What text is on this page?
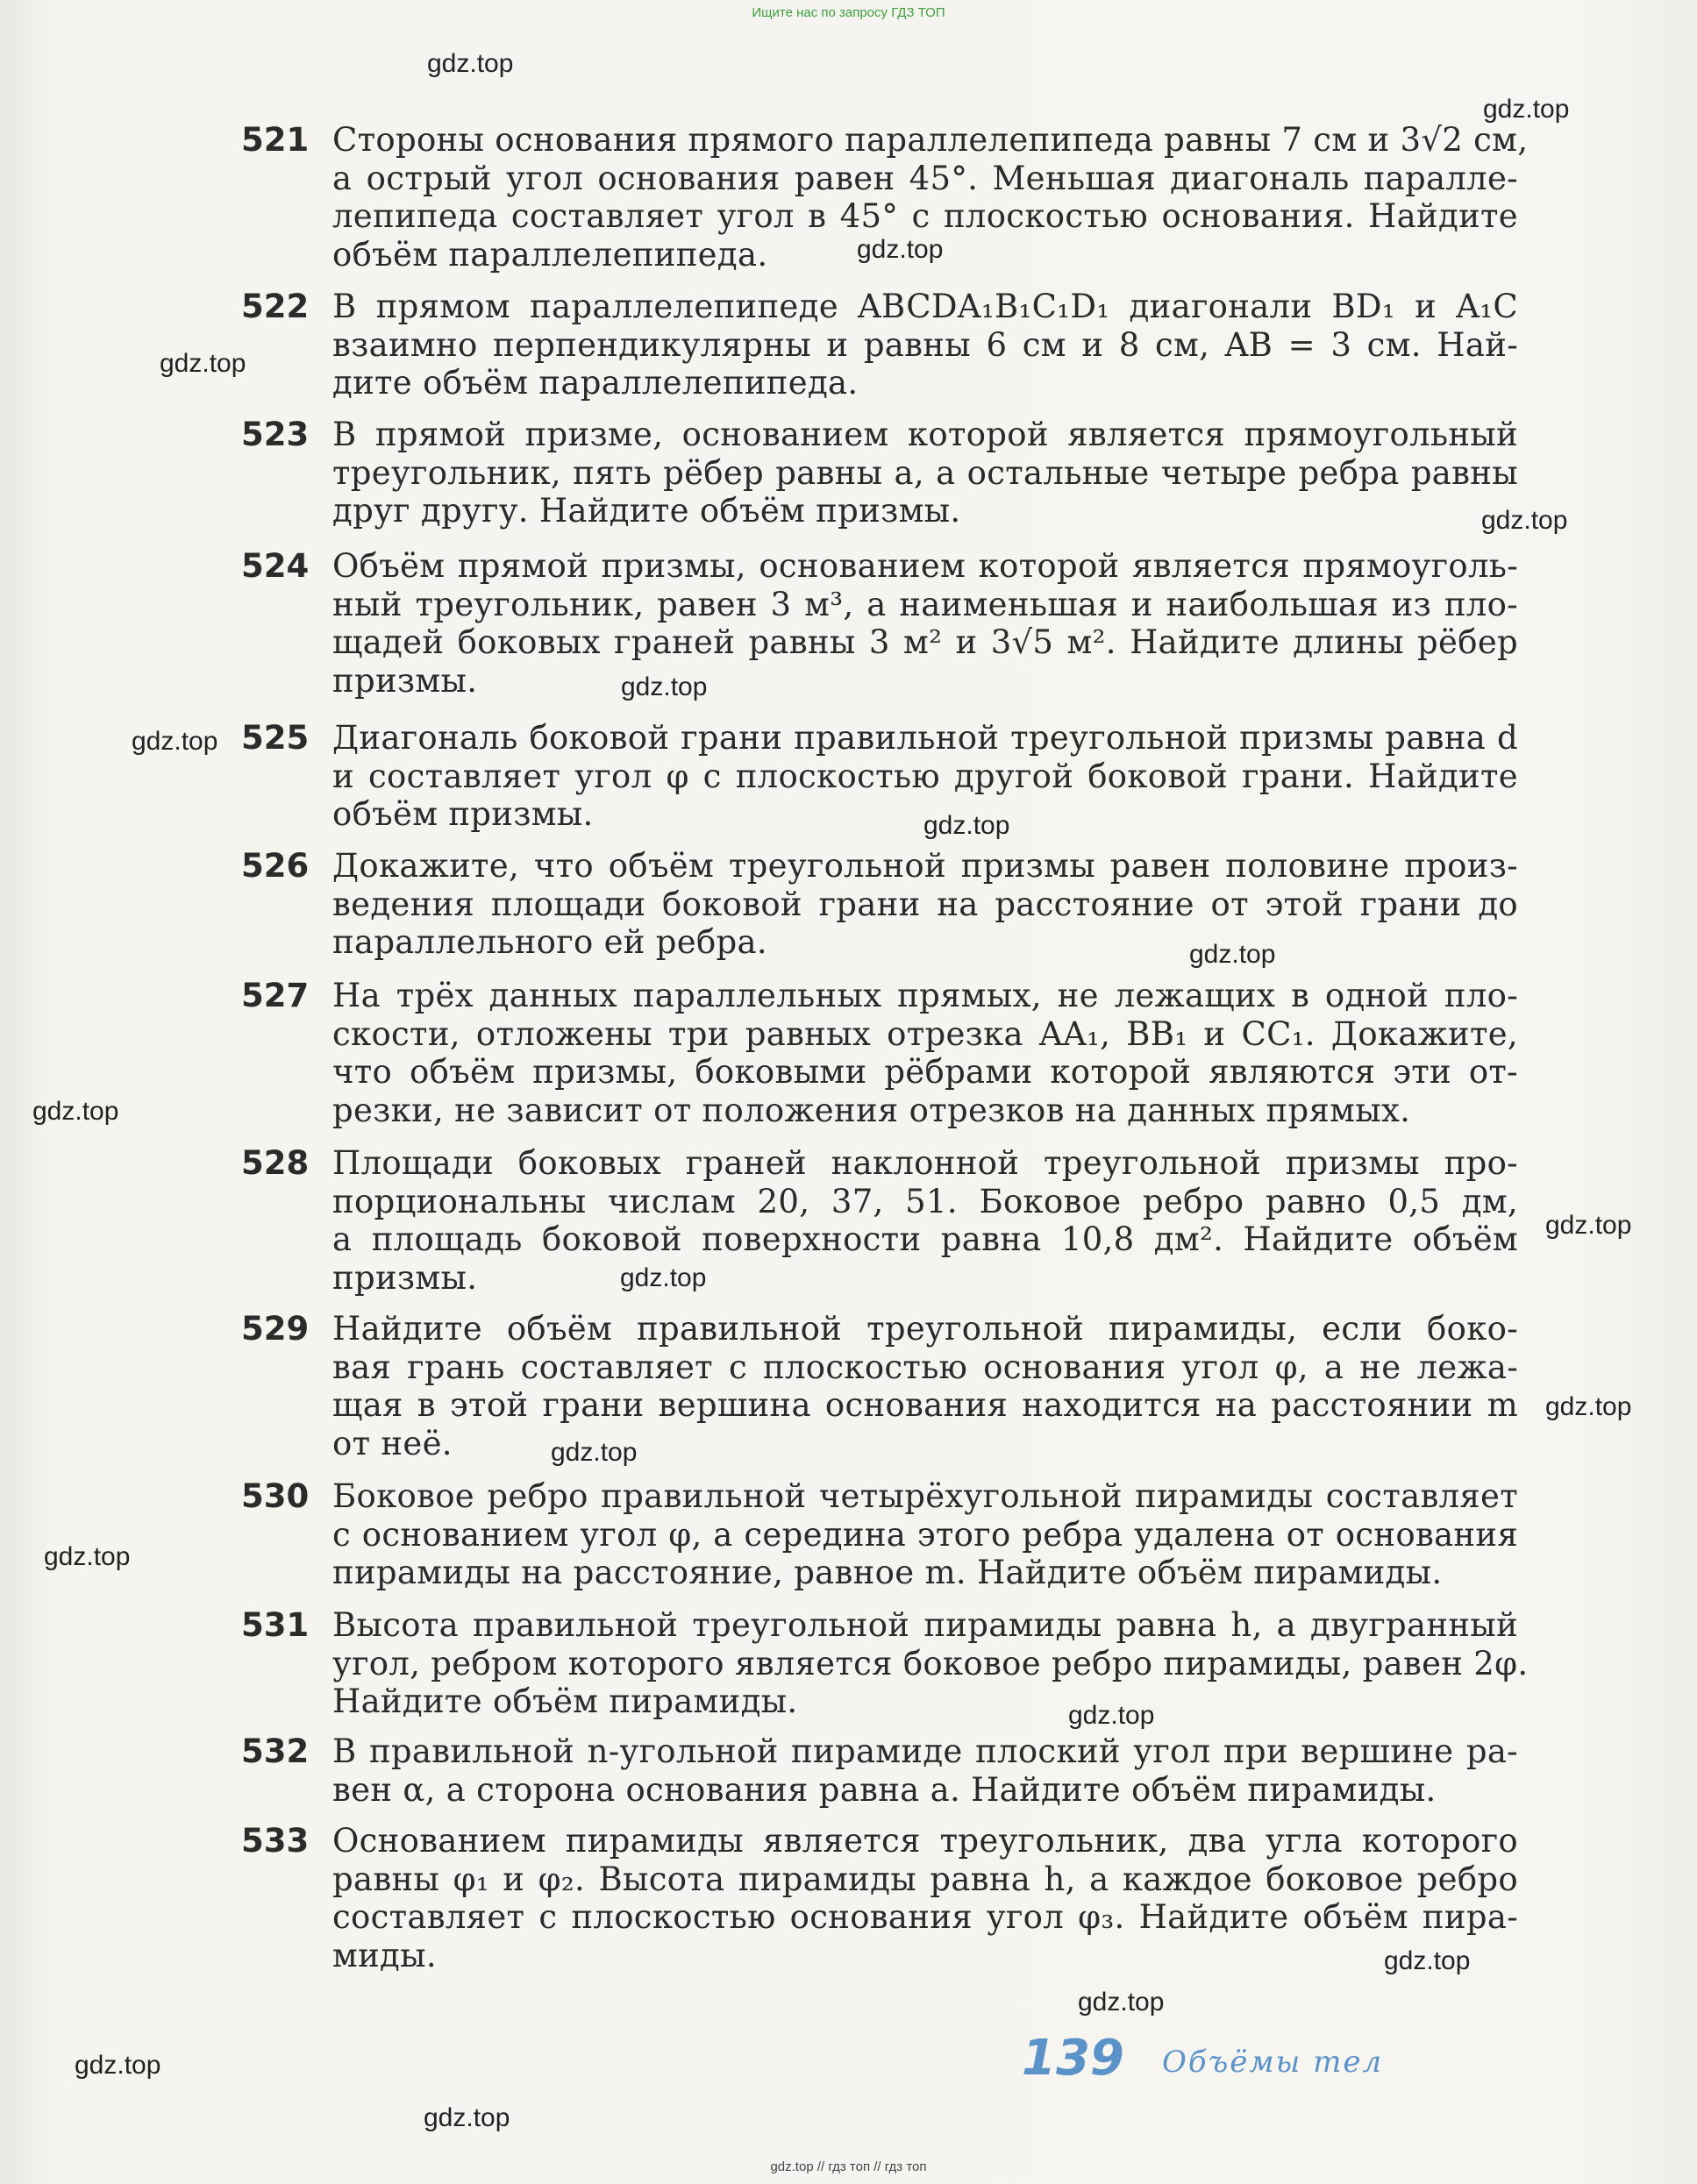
Ищите нас по запросу ГДЗ ТОП
gdz.top
gdz.top
gdz.top
gdz.top
gdz.top
gdz.top
gdz.top
gdz.top
gdz.top
gdz.top
gdz.top
gdz.top
gdz.top
gdz.top
gdz.top
gdz.top
gdz.top
gdz.top
gdz.top
gdz.top
521 Стороны основания прямого параллелепипеда равны 7 см и 3√2 см,
а острый угол основания равен 45°. Меньшая диагональ паралле-
лепипеда составляет угол в 45° с плоскостью основания. Найдите
объём параллелепипеда.
522 В прямом параллелепипеде ABCDA₁B₁C₁D₁ диагонали BD₁ и A₁C
взаимно перпендикулярны и равны 6 см и 8 см, AB = 3 см. Най-
дите объём параллелепипеда.
523 В прямой призме, основанием которой является прямоугольный
треугольник, пять рёбер равны a, а остальные четыре ребра равны
друг другу. Найдите объём призмы.
524 Объём прямой призмы, основанием которой является прямоуголь-
ный треугольник, равен 3 м³, а наименьшая и наибольшая из пло-
щадей боковых граней равны 3 м² и 3√5 м². Найдите длины рёбер
призмы.
525 Диагональ боковой грани правильной треугольной призмы равна d
и составляет угол φ с плоскостью другой боковой грани. Найдите
объём призмы.
526 Докажите, что объём треугольной призмы равен половине произ-
ведения площади боковой грани на расстояние от этой грани до
параллельного ей ребра.
527 На трёх данных параллельных прямых, не лежащих в одной пло-
скости, отложены три равных отрезка AA₁, BB₁ и CC₁. Докажите,
что объём призмы, боковыми рёбрами которой являются эти от-
резки, не зависит от положения отрезков на данных прямых.
528 Площади боковых граней наклонной треугольной призмы про-
порциональны числам 20, 37, 51. Боковое ребро равно 0,5 дм,
а площадь боковой поверхности равна 10,8 дм². Найдите объём
призмы.
529 Найдите объём правильной треугольной пирамиды, если боко-
вая грань составляет с плоскостью основания угол φ, а не лежа-
щая в этой грани вершина основания находится на расстоянии m
от неё.
530 Боковое ребро правильной четырёхугольной пирамиды составляет
с основанием угол φ, а середина этого ребра удалена от основания
пирамиды на расстояние, равное m. Найдите объём пирамиды.
531 Высота правильной треугольной пирамиды равна h, а двугранный
угол, ребром которого является боковое ребро пирамиды, равен 2φ.
Найдите объём пирамиды.
532 В правильной n-угольной пирамиде плоский угол при вершине ра-
вен α, а сторона основания равна a. Найдите объём пирамиды.
533 Основанием пирамиды является треугольник, два угла которого
равны φ₁ и φ₂. Высота пирамиды равна h, а каждое боковое ребро
составляет с плоскостью основания угол φ₃. Найдите объём пира-
миды.
139 Объёмы тел
gdz.top // гдз топ // гдз топ
